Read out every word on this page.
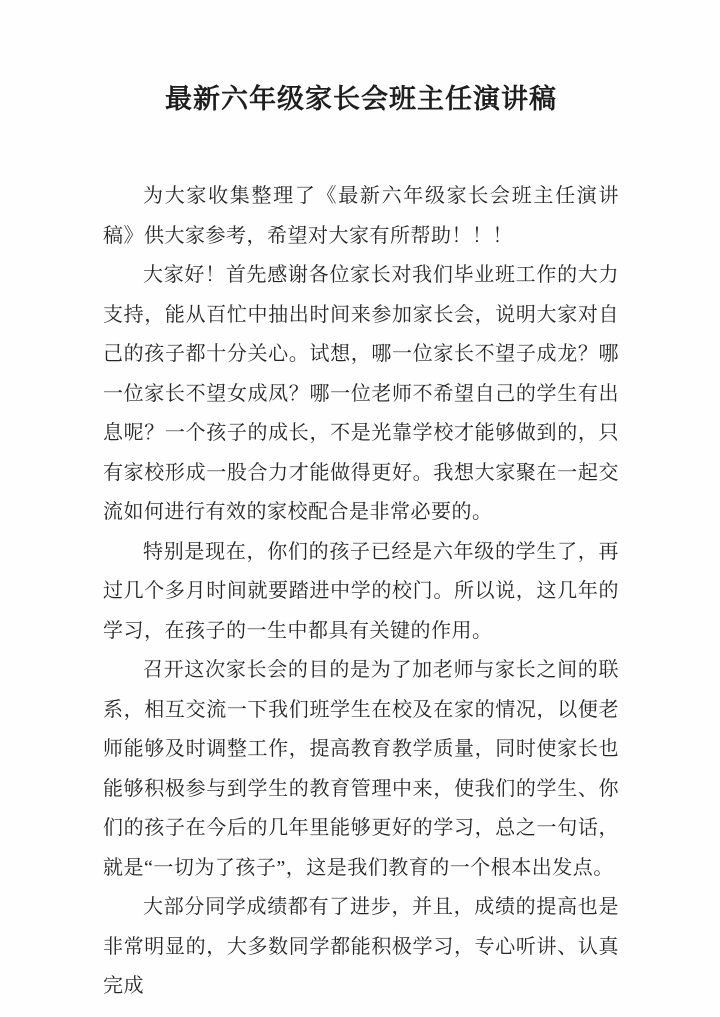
最新六年级家长会班主任演讲稿

为大家收集整理了《最新六年级家长会班主任演讲稿》供大家参考，希望对大家有所帮助！！！

大家好！首先感谢各位家长对我们毕业班工作的大力支持，能从百忙中抽出时间来参加家长会，说明大家对自己的孩子都十分关心。试想，哪一位家长不望子成龙？哪一位家长不望女成凤？哪一位老师不希望自己的学生有出息呢？一个孩子的成长，不是光靠学校才能够做到的，只有家校形成一股合力才能做得更好。我想大家聚在一起交流如何进行有效的家校配合是非常必要的。

特别是现在，你们的孩子已经是六年级的学生了，再过几个多月时间就要踏进中学的校门。所以说，这几年的学习，在孩子的一生中都具有关键的作用。

召开这次家长会的目的是为了加老师与家长之间的联系，相互交流一下我们班学生在校及在家的情况，以便老师能够及时调整工作，提高教育教学质量，同时使家长也能够积极参与到学生的教育管理中来，使我们的学生、你们的孩子在今后的几年里能够更好的学习，总之一句话，就是“一切为了孩子”，这是我们教育的一个根本出发点。

大部分同学成绩都有了进步，并且，成绩的提高也是非常明显的，大多数同学都能积极学习，专心听讲、认真完成
